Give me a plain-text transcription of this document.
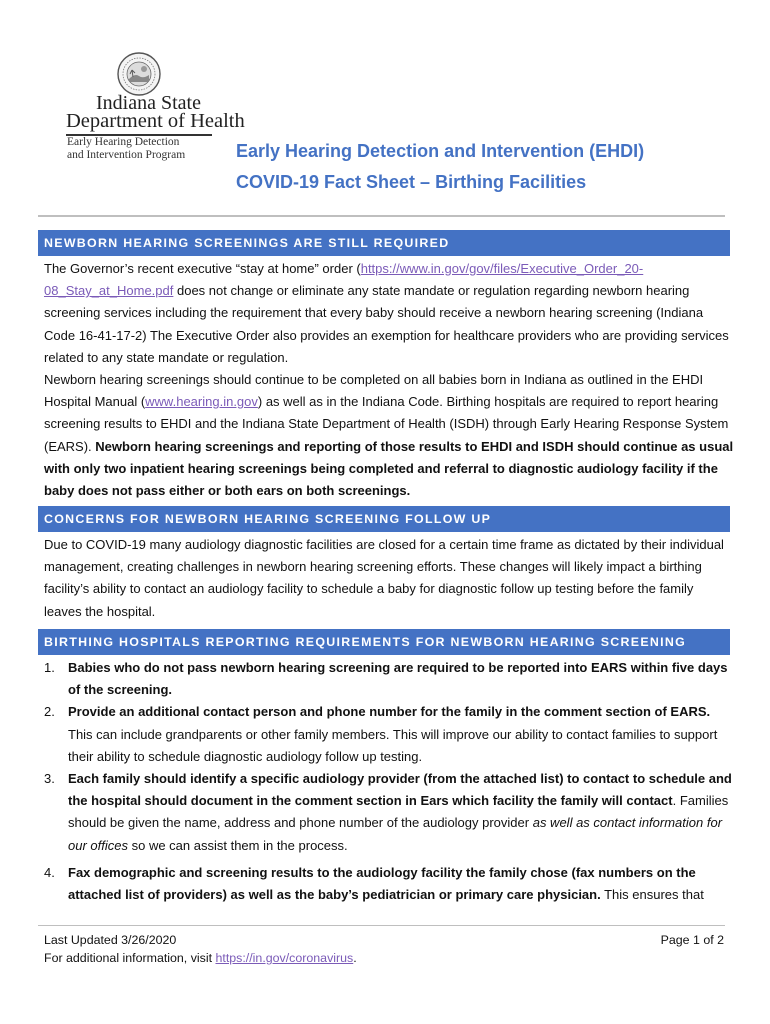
Indiana State
Department of Health
Early Hearing Detection
and Intervention Program	Early Hearing Detection and Intervention (EHDI)
COVID-19 Fact Sheet – Birthing Facilities
NEWBORN HEARING SCREENINGS ARE STILL REQUIRED

The Governor’s recent executive “stay at home” order (https://www.in.gov/gov/files/Executive_Order_20-08_Stay_at_Home.pdf does not change or eliminate any state mandate or regulation regarding newborn hearing screening services including the requirement that every baby should receive a newborn hearing screening (Indiana Code 16-41-17-2) The Executive Order also provides an exemption for healthcare providers who are providing services related to any state mandate or regulation.

Newborn hearing screenings should continue to be completed on all babies born in Indiana as outlined in the EHDI Hospital Manual (www.hearing.in.gov) as well as in the Indiana Code. Birthing hospitals are required to report hearing screening results to EHDI and the Indiana State Department of Health (ISDH) through Early Hearing Response System (EARS). Newborn hearing screenings and reporting of those results to EHDI and ISDH should continue as usual with only two inpatient hearing screenings being completed and referral to diagnostic audiology facility if the baby does not pass either or both ears on both screenings.

CONCERNS FOR NEWBORN HEARING SCREENING FOLLOW UP

Due to COVID-19 many audiology diagnostic facilities are closed for a certain time frame as dictated by their individual management, creating challenges in newborn hearing screening efforts. These changes will likely impact a birthing facility’s ability to contact an audiology facility to schedule a baby for diagnostic follow up testing before the family leaves the hospital.

BIRTHING HOSPITALS REPORTING REQUIREMENTS FOR NEWBORN HEARING SCREENING
1. Babies who do not pass newborn hearing screening are required to be reported into EARS within five days of the screening.
2. Provide an additional contact person and phone number for the family in the comment section of EARS. This can include grandparents or other family members. This will improve our ability to contact families to support their ability to schedule diagnostic audiology follow up testing.
3. Each family should identify a specific audiology provider (from the attached list) to contact to schedule and the hospital should document in the comment section in Ears which facility the family will contact. Families should be given the name, address and phone number of the audiology provider as well as contact information for our offices so we can assist them in the process.
4. Fax demographic and screening results to the audiology facility the family chose (fax numbers on the attached list of providers) as well as the baby’s pediatrician or primary care physician. This ensures that
Last Updated 3/26/2020
For additional information, visit https://in.gov/coronavirus.
Page 1 of 2
